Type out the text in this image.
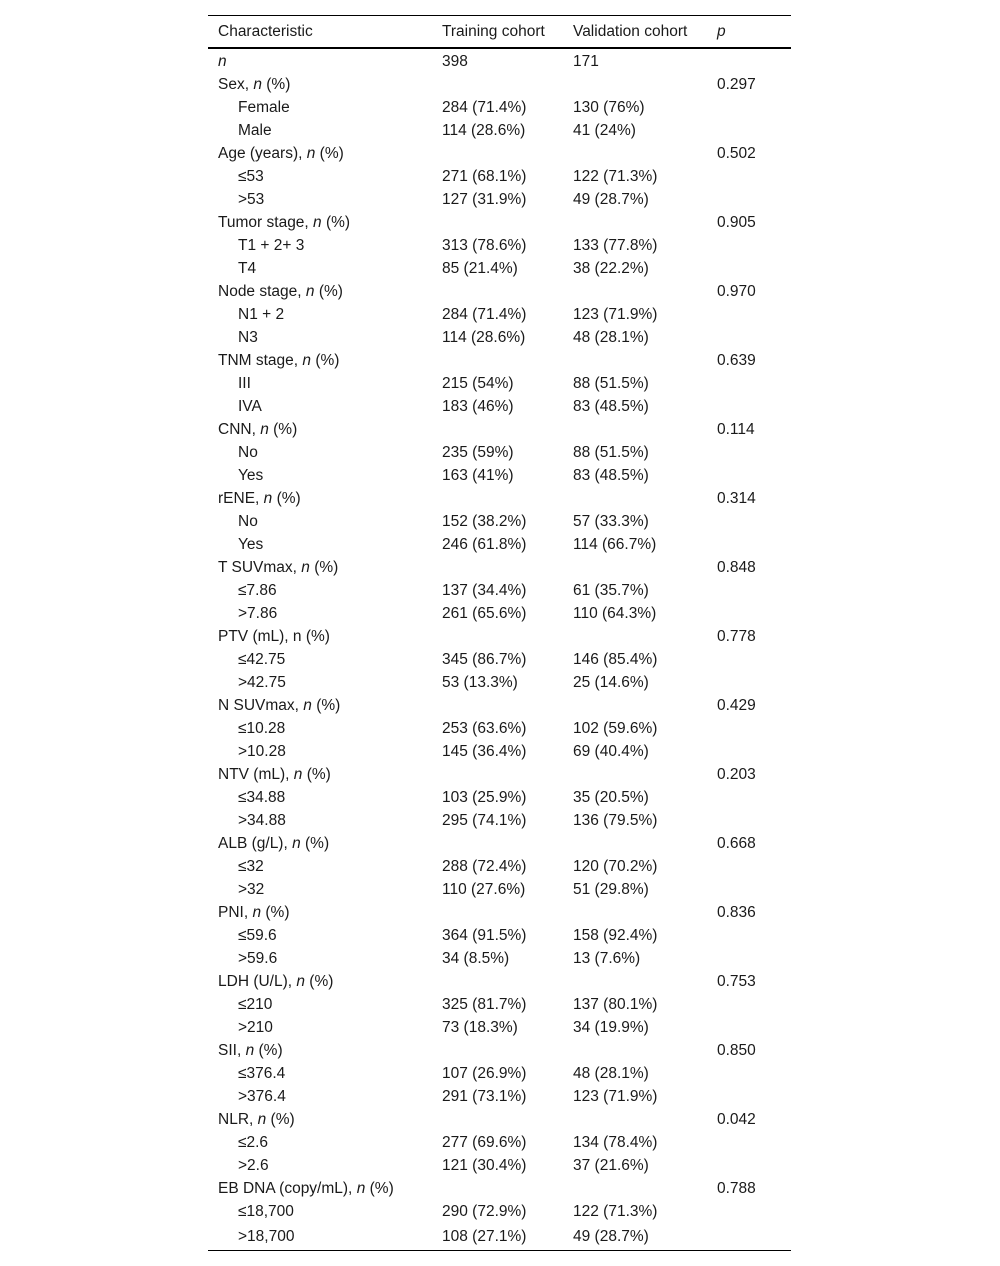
Characteristic	Training cohort	Validation cohort	p
n	398	171	
Sex, n (%)			0.297
Female	284 (71.4%)	130 (76%)	
Male	114 (28.6%)	41 (24%)	
Age (years), n (%)			0.502
≤53	271 (68.1%)	122 (71.3%)	
>53	127 (31.9%)	49 (28.7%)	
Tumor stage, n (%)			0.905
T1 + 2+ 3	313 (78.6%)	133 (77.8%)	
T4	85 (21.4%)	38 (22.2%)	
Node stage, n (%)			0.970
N1 + 2	284 (71.4%)	123 (71.9%)	
N3	114 (28.6%)	48 (28.1%)	
TNM stage, n (%)			0.639
III	215 (54%)	88 (51.5%)	
IVA	183 (46%)	83 (48.5%)	
CNN, n (%)			0.114
No	235 (59%)	88 (51.5%)	
Yes	163 (41%)	83 (48.5%)	
rENE, n (%)			0.314
No	152 (38.2%)	57 (33.3%)	
Yes	246 (61.8%)	114 (66.7%)	
T SUVmax, n (%)			0.848
≤7.86	137 (34.4%)	61 (35.7%)	
>7.86	261 (65.6%)	110 (64.3%)	
PTV (mL), n (%)			0.778
≤42.75	345 (86.7%)	146 (85.4%)	
>42.75	53 (13.3%)	25 (14.6%)	
N SUVmax, n (%)			0.429
≤10.28	253 (63.6%)	102 (59.6%)	
>10.28	145 (36.4%)	69 (40.4%)	
NTV (mL), n (%)			0.203
≤34.88	103 (25.9%)	35 (20.5%)	
>34.88	295 (74.1%)	136 (79.5%)	
ALB (g/L), n (%)			0.668
≤32	288 (72.4%)	120 (70.2%)	
>32	110 (27.6%)	51 (29.8%)	
PNI, n (%)			0.836
≤59.6	364 (91.5%)	158 (92.4%)	
>59.6	34 (8.5%)	13 (7.6%)	
LDH (U/L), n (%)			0.753
≤210	325 (81.7%)	137 (80.1%)	
>210	73 (18.3%)	34 (19.9%)	
SII, n (%)			0.850
≤376.4	107 (26.9%)	48 (28.1%)	
>376.4	291 (73.1%)	123 (71.9%)	
NLR, n (%)			0.042
≤2.6	277 (69.6%)	134 (78.4%)	
>2.6	121 (30.4%)	37 (21.6%)	
EB DNA (copy/mL), n (%)			0.788
≤18,700	290 (72.9%)	122 (71.3%)	
>18,700	108 (27.1%)	49 (28.7%)	
